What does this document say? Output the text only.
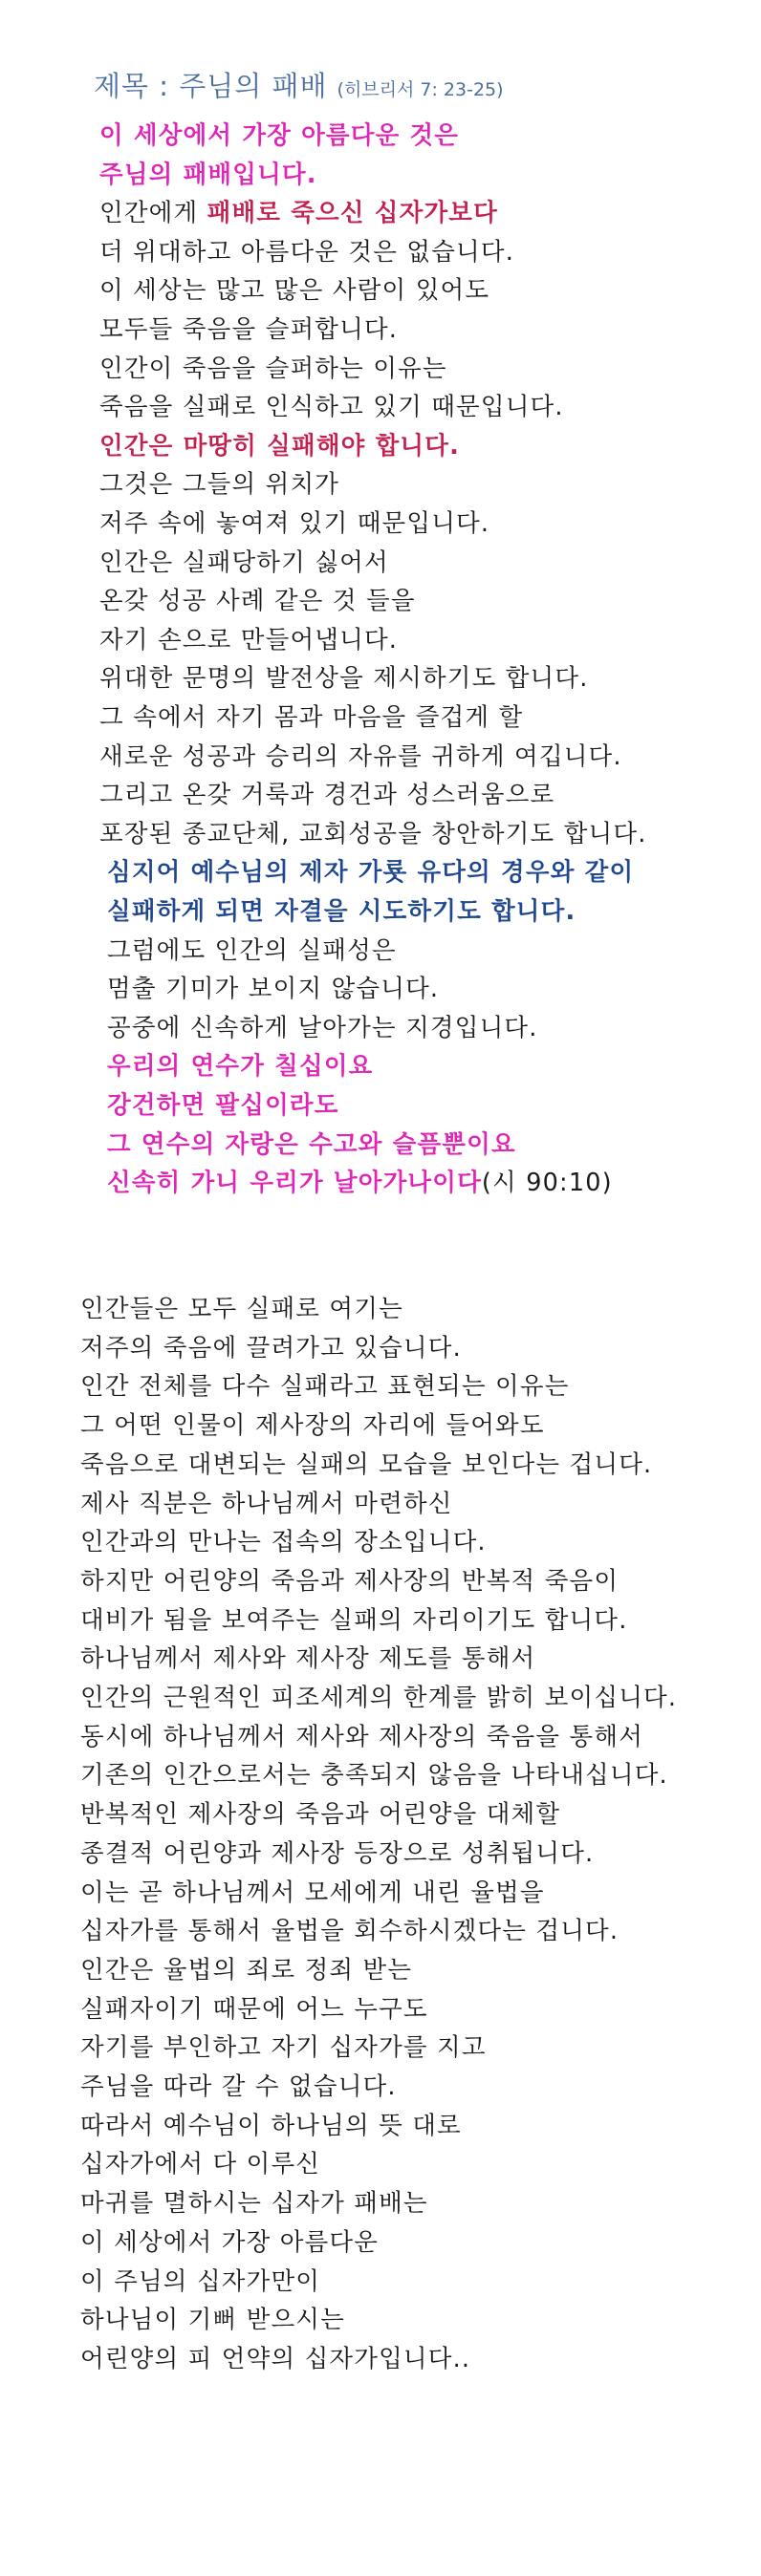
제목 : 주님의 패배 (히브리서 7: 23-25)
이 세상에서 가장 아름다운 것은
주님의 패배입니다.
인간에게 패배로 죽으신 십자가보다
더 위대하고 아름다운 것은 없습니다.
이 세상는 많고 많은 사람이 있어도
모두들 죽음을 슬퍼합니다.
인간이 죽음을 슬퍼하는 이유는
죽음을 실패로 인식하고 있기 때문입니다.
인간은 마땅히 실패해야 합니다.
그것은 그들의 위치가
저주 속에 놓여져 있기 때문입니다.
인간은 실패당하기 싫어서
온갖 성공 사례 같은 것 들을
자기 손으로 만들어냅니다.
위대한 문명의 발전상을 제시하기도 합니다.
그 속에서 자기 몸과 마음을 즐겁게 할
새로운 성공과 승리의 자유를 귀하게 여깁니다.
그리고 온갖 거룩과 경건과 성스러움으로
포장된 종교단체, 교회성공을 창안하기도 합니다.
심지어 예수님의 제자 가룟 유다의 경우와 같이
실패하게 되면 자결을 시도하기도 합니다.
그럼에도 인간의 실패성은
멈출 기미가 보이지 않습니다.
공중에 신속하게 날아가는 지경입니다.
우리의 연수가 칠십이요
강건하면 팔십이라도
그 연수의 자랑은 수고와 슬픔뿐이요
신속히 가니 우리가 날아가나이다(시 90:10)
인간들은 모두 실패로 여기는
저주의 죽음에 끌려가고 있습니다.
인간 전체를 다수 실패라고 표현되는 이유는
그 어떤 인물이 제사장의 자리에 들어와도
죽음으로 대변되는 실패의 모습을 보인다는 겁니다.
제사 직분은 하나님께서 마련하신
인간과의 만나는 접속의 장소입니다.
하지만 어린양의 죽음과 제사장의 반복적 죽음이
대비가 됨을 보여주는 실패의 자리이기도 합니다.
하나님께서 제사와 제사장 제도를 통해서
인간의 근원적인 피조세계의 한계를 밝히 보이십니다.
동시에 하나님께서 제사와 제사장의 죽음을 통해서
기존의 인간으로서는 충족되지 않음을 나타내십니다.
반복적인 제사장의 죽음과 어린양을 대체할
종결적 어린양과 제사장 등장으로 성취됩니다.
이는 곧 하나님께서 모세에게 내린 율법을
십자가를 통해서 율법을 회수하시겠다는 겁니다.
인간은 율법의 죄로 정죄 받는
실패자이기 때문에 어느 누구도
자기를 부인하고 자기 십자가를 지고
주님을 따라 갈 수 없습니다.
따라서 예수님이 하나님의 뜻 대로
십자가에서 다 이루신
마귀를 멸하시는 십자가 패배는
이 세상에서 가장 아름다운
이 주님의 십자가만이
하나님이 기뻐 받으시는
어린양의 피 언약의 십자가입니다..
